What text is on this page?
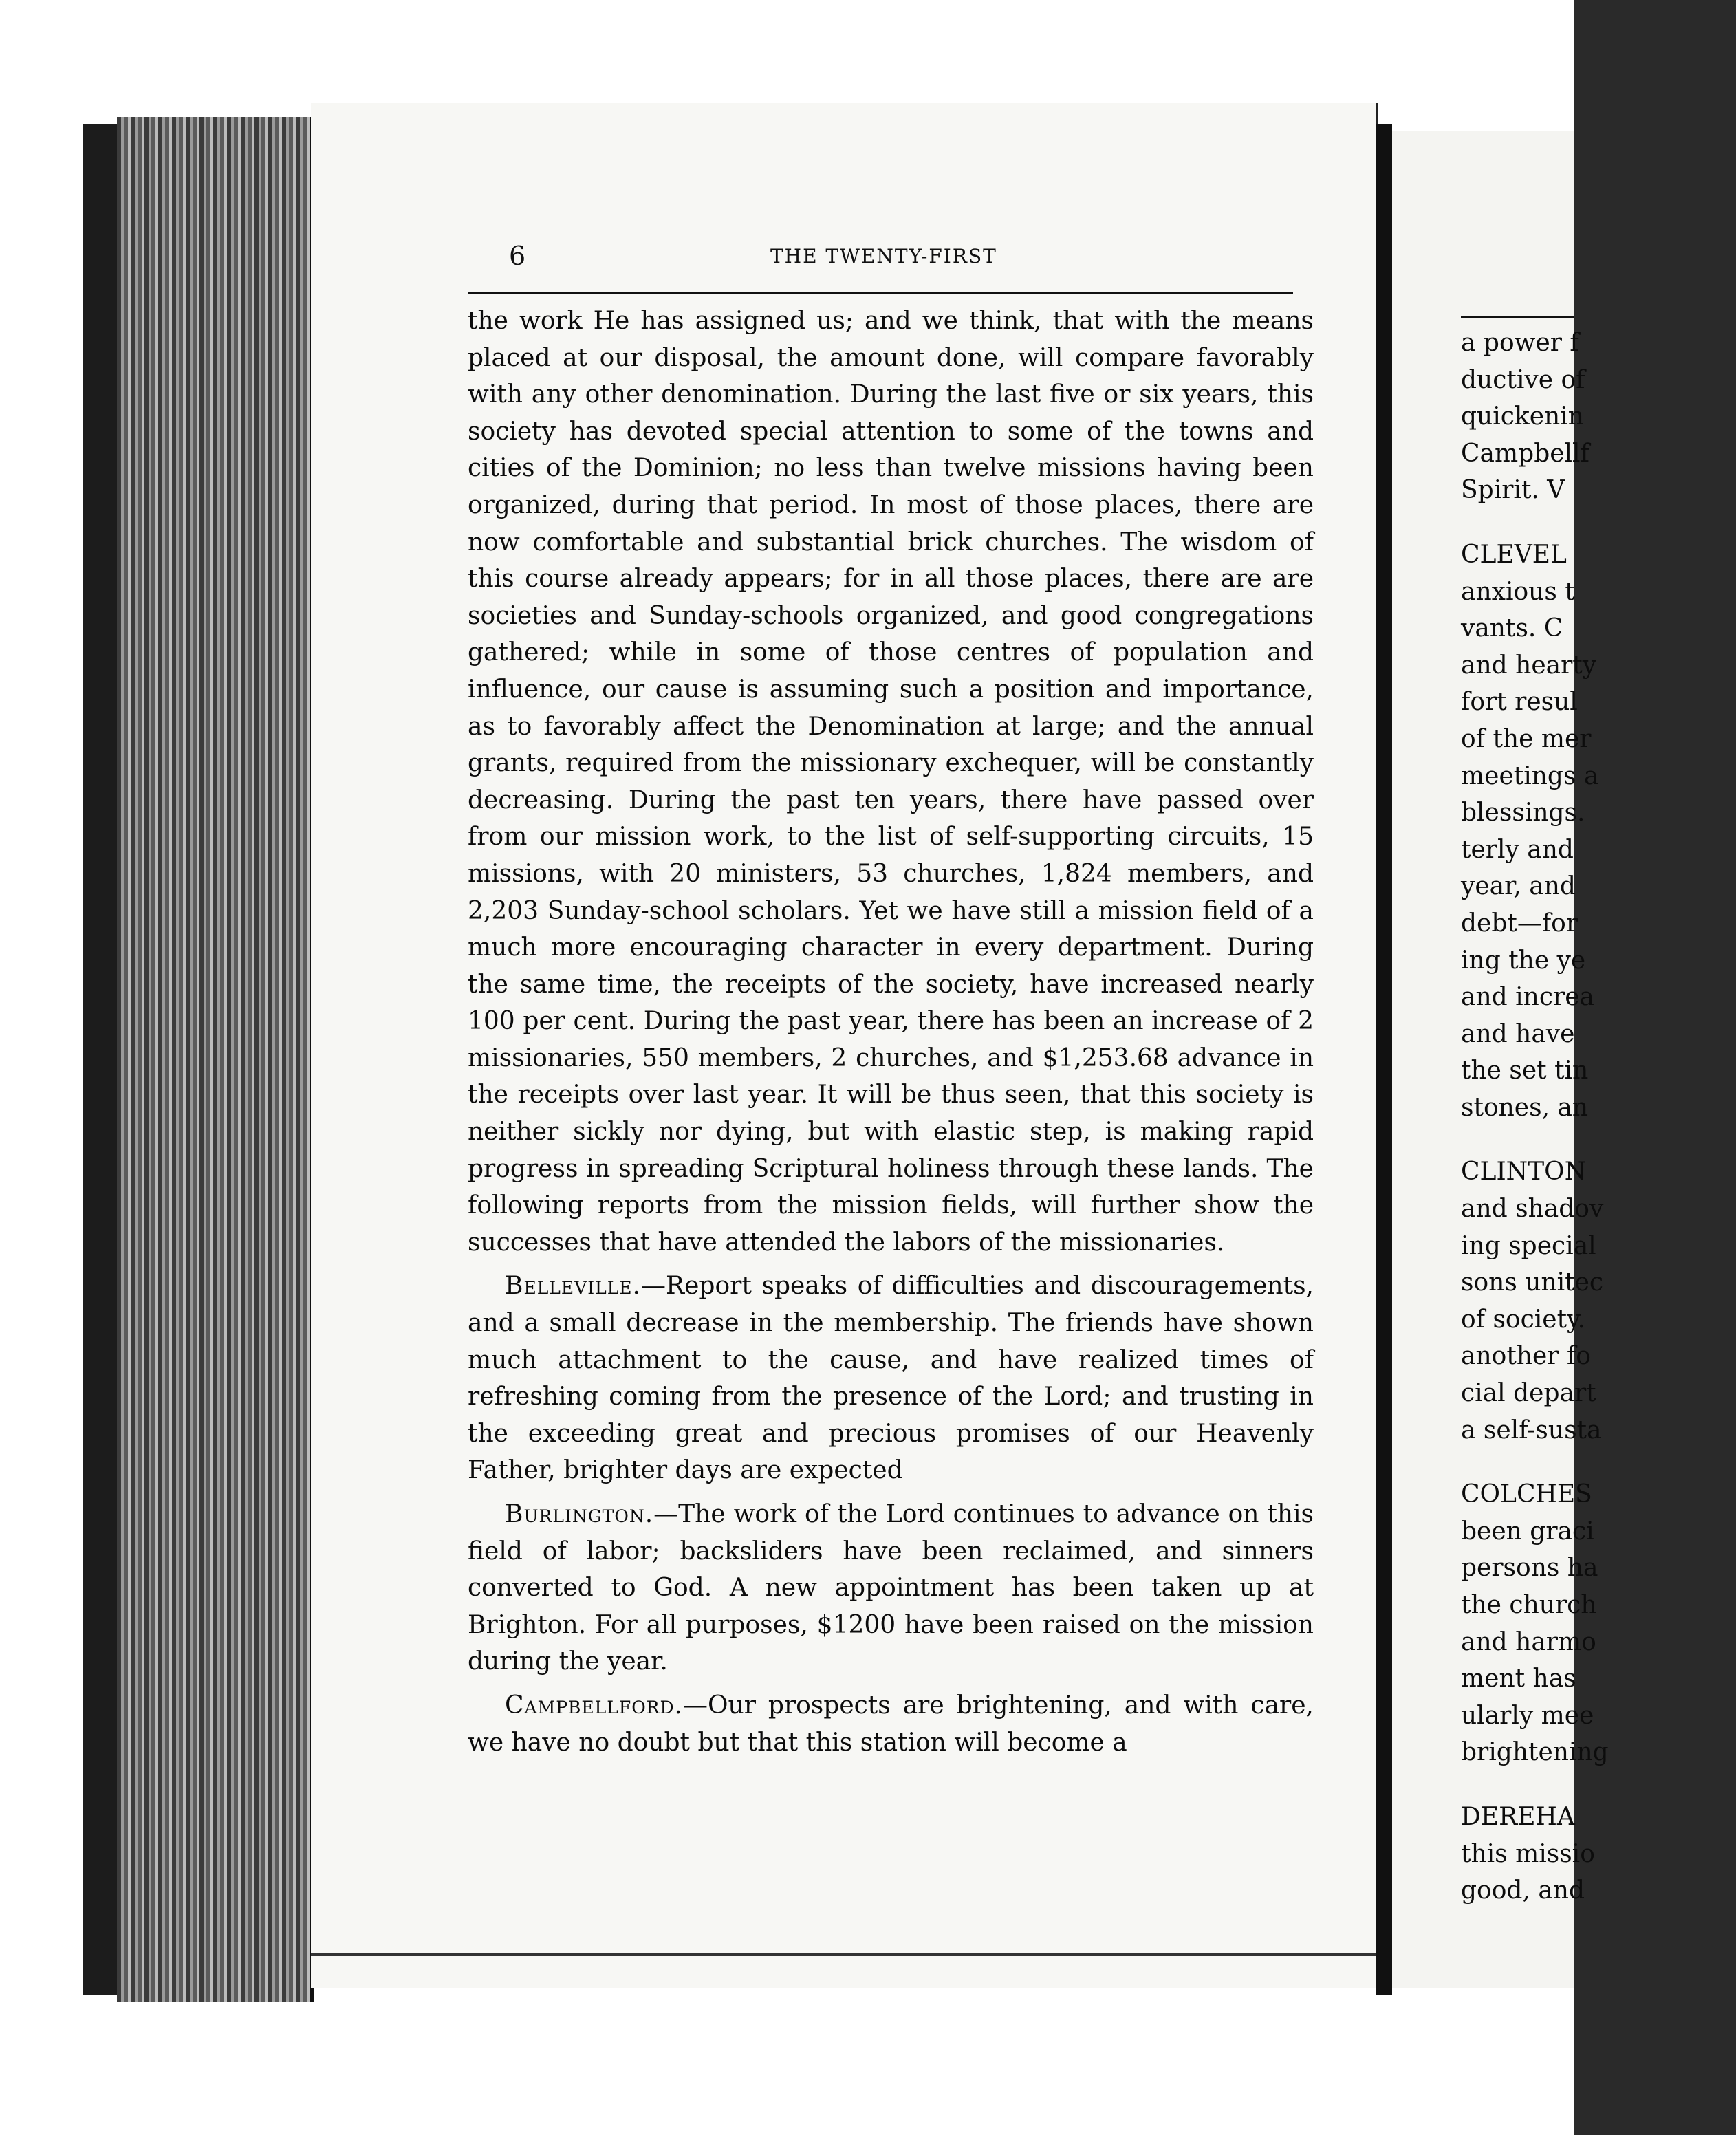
6	THE TWENTY-FIRST

the work He has assigned us; and we think, that with the means placed at our disposal, the amount done, will compare favorably with any other denomination. During the last five or six years, this society has devoted special attention to some of the towns and cities of the Dominion; no less than twelve missions having been organized, during that period. In most of those places, there are now comfortable and substantial brick churches. The wisdom of this course already appears; for in all those places, there are are societies and Sunday-schools organized, and good congregations gathered; while in some of those centres of population and influence, our cause is assuming such a position and importance, as to favorably affect the Denomination at large; and the annual grants, required from the missionary exchequer, will be constantly decreasing. During the past ten years, there have passed over from our mission work, to the list of self-supporting circuits, 15 missions, with 20 ministers, 53 churches, 1,824 members, and 2,203 Sunday-school scholars. Yet we have still a mission field of a much more encouraging character in every department. During the same time, the receipts of the society, have increased nearly 100 per cent. During the past year, there has been an increase of 2 missionaries, 550 members, 2 churches, and $1,253.68 advance in the receipts over last year. It will be thus seen, that this society is neither sickly nor dying, but with elastic step, is making rapid progress in spreading Scriptural holiness through these lands. The following reports from the mission fields, will further show the successes that have attended the labors of the missionaries.

Belleville.—Report speaks of difficulties and discouragements, and a small decrease in the membership. The friends have shown much attachment to the cause, and have realized times of refreshing coming from the presence of the Lord; and trusting in the exceeding great and precious promises of our Heavenly Father, brighter days are expected

Burlington.—The work of the Lord continues to advance on this field of labor; backsliders have been reclaimed, and sinners converted to God. A new appointment has been taken up at Brighton. For all purposes, $1200 have been raised on the mission during the year.

Campbellford.—Our prospects are brightening, and with care, we have no doubt but that this station will become a

a power f
ductive of
quickenin
Campbellf
Spirit. V
CLEVEL
anxious t
vants. C
and hearty
fort resul
of the mer
meetings a
blessings.
terly and
year, and
debt—for
ing the ye
and increa
and have
the set tin
stones, an
CLINTON
and shadov
ing special
sons unitec
of society.
another fo
cial depart
a self-susta
COLCHES
been graci
persons ha
the church
and harmo
ment has
ularly mee
brightening
DEREHA
this missio
good, and
